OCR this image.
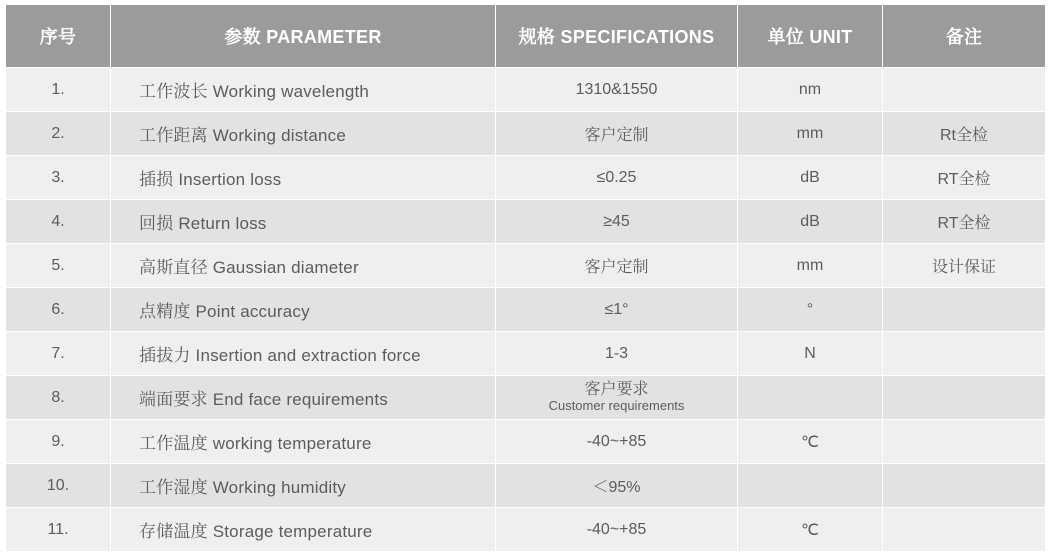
序号	参数 PARAMETER	规格 SPECIFICATIONS	单位 UNIT	备注
1.	工作波长 Working wavelength	1310&1550	nm	
2.	工作距离 Working distance	客户定制	mm	Rt全检
3.	插损 Insertion loss	≤0.25	dB	RT全检
4.	回损 Return loss	≥45	dB	RT全检
5.	高斯直径 Gaussian diameter	客户定制	mm	设计保证
6.	点精度 Point accuracy	≤1°	°	
7.	插拔力 Insertion and extraction force	1-3	N	
8.	端面要求 End face requirements	客户要求
Customer requirements		

9.	工作温度 working temperature	-40~+85	℃	
10.	工作湿度 Working humidity	＜95%		
11.	存储温度 Storage temperature	-40~+85	℃	
